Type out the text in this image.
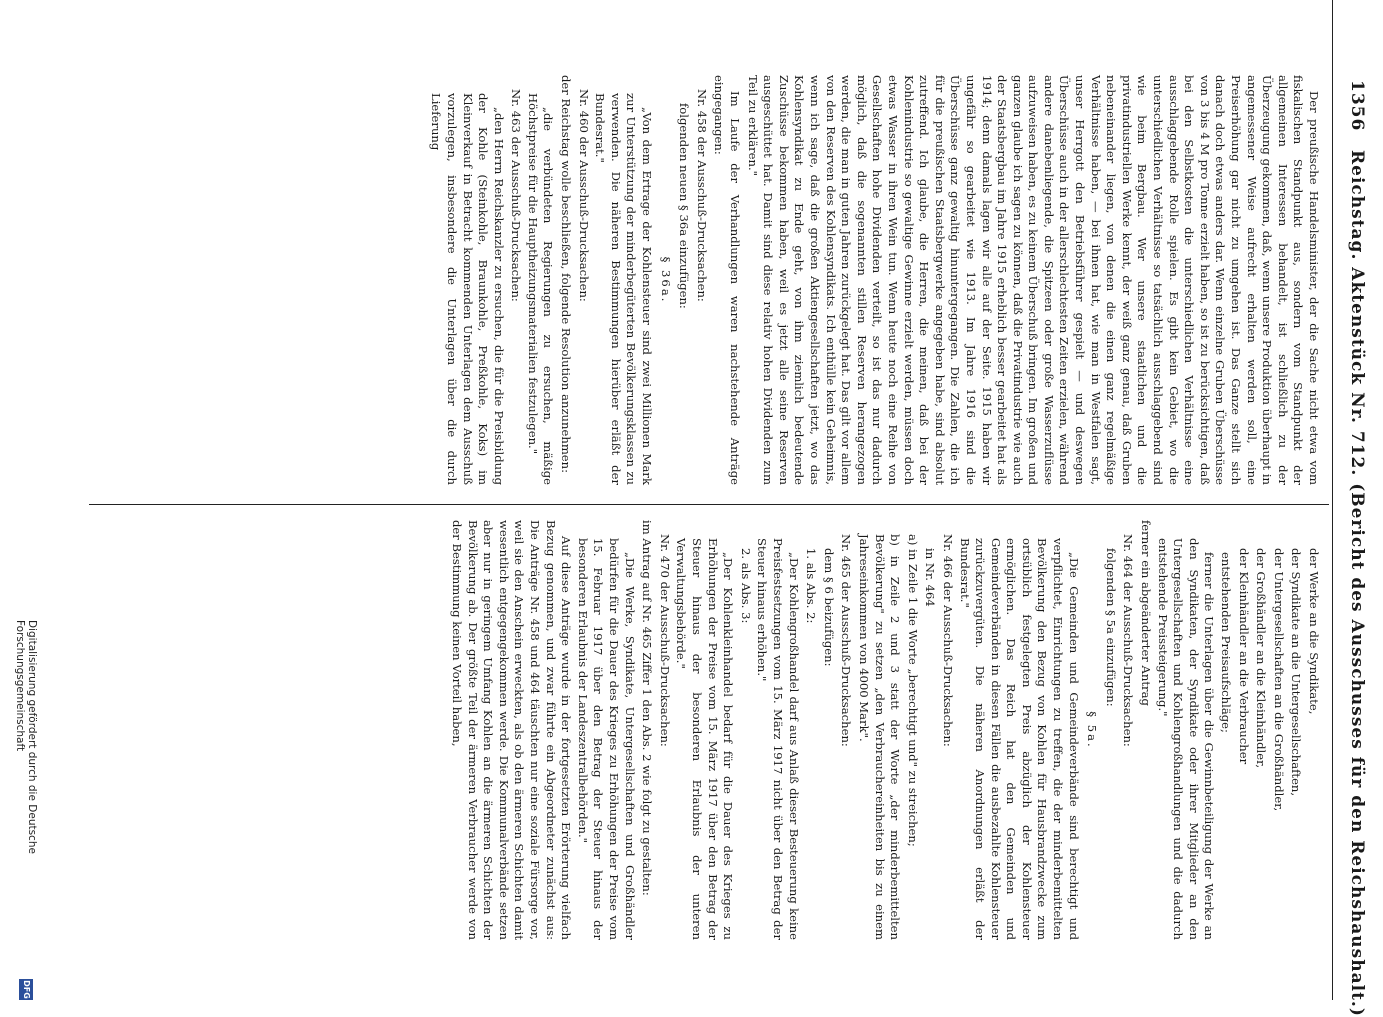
1356
Reichstag. Aktenstück Nr. 712. (Bericht des Ausschusses für den Reichshaushalt.)

Der preußische Handelsminister, der die Sache nicht etwa vom fiskalischen Standpunkt aus, sondern vom Standpunkt der allgemeinen Interessen behandelt, ist schließlich zu der Überzeugung gekommen, daß, wenn unsere Produktion überhaupt in angemessener Weise aufrecht erhalten werden soll, eine Preiserhöhung gar nicht zu umgehen ist. Das Ganze stellt sich danach doch etwas anders dar. Wenn einzelne Gruben Überschüsse von 3 bis 4 M pro Tonne erzielt haben, so ist zu berücksichtigen, daß bei den Selbstkosten die unterschiedlichen Verhältnisse eine ausschlaggebende Rolle spielen. Es gibt kein Gebiet, wo die unterschiedlichen Verhältnisse so tatsächlich ausschlaggebend sind wie beim Bergbau. Wer unsere staatlichen und die privatindustriellen Werke kennt, der weiß ganz genau, daß Gruben nebeneinander liegen, von denen die einen ganz regelmäßige Verhältnisse haben, — bei ihnen hat, wie man in Westfalen sagt, unser Herrgott den Betriebsführer gespielt — und deswegen Überschüsse auch in der allerschlechtesten Zeiten erzielen, während andere danebenliegende, die Spitzeen oder große Wasserzuflüsse aufzuweisen haben, es zu keinem Überschuß bringen. Im großen und ganzen glaube ich sagen zu können, daß die Privatindustrie wie auch der Staatsbergbau im Jahre 1915 erheblich besser gearbeitet hat als 1914; denn damals lagen wir alle auf der Seite. 1915 haben wir ungefähr so gearbeitet wie 1913. Im Jahre 1916 sind die Überschüsse ganz gewaltig hinuntergegangen. Die Zahlen, die ich für die preußischen Staatsbergwerke angegeben habe, sind absolut zutreffend. Ich glaube, die Herren, die meinen, daß bei der Kohlenindustrie so gewaltige Gewinne erzielt werden, müssen doch etwas Wasser in ihren Wein tun. Wenn heute noch eine Reihe von Gesellschaften hohe Dividenden verteilt, so ist das nur dadurch möglich, daß die sogenannten stillen Reserven herangezogen werden, die man in guten Jahren zurückgelegt hat. Das gilt vor allem von den Reserven des Kohlensyndikats. Ich enthülle kein Geheimnis, wenn ich sage, daß die großen Aktiengesellschaften jetzt, wo das Kohlensyndikat zu Ende geht, von ihm ziemlich bedeutende Zuschüsse bekommen haben, weil es jetzt alle seine Reserven ausgeschüttet hat. Damit sind diese relativ hohen Dividenden zum Teil zu erklären."

Im Laufe der Verhandlungen waren nachstehende Anträge eingegangen:

Nr. 458 der Ausschuß-Drucksachen:

folgenden neuen § 36a einzufügen:

§ 36a.

„Von dem Ertrage der Kohlensteuer sind zwei Millionen Mark zur Unterstützung der minderbegüterten Bevölkerungsklassen zu verwenden. Die näheren Bestimmungen hierüber erläßt der Bundesrat."

Nr. 460 der Ausschuß-Drucksachen:

der Reichstag wolle beschließen, folgende Resolution anzunehmen:

„die verbündeten Regierungen zu ersuchen, mäßige Höchstpreise für die Hauptheizungsmaterialien festzulegen."

Nr. 463 der Ausschuß-Drucksachen:

„den Herrn Reichskanzler zu ersuchen, die für die Preisbildung der Kohle (Steinkohle, Braunkohle, Preßkohle, Koks) im Kleinverkauf in Betracht kommenden Unterlagen dem Ausschuß vorzulegen, insbesondere die Unterlagen über die durch Lieferung

der Werke an die Syndikate,

der Syndikate an die Untergesellschaften,

der Untergesellschaften an die Großhändler,

der Großhändler an die Kleinhändler,

der Kleinhändler an die Verbraucher

entstehenden Preisaufschläge;

ferner die Unterlagen über die Gewinnbeteiligung der Werke an den Syndikaten, der Syndikate oder ihrer Mitglieder an den Untergesellschaften und Kohlengroßhandlungen und die dadurch entstehende Preissteigerung."

ferner ein abgeänderter Antrag

Nr. 464 der Ausschuß-Drucksachen:

folgenden § 5a einzufügen:

§ 5a.

„Die Gemeinden und Gemeindeverbände sind berechtigt und verpflichtet, Einrichtungen zu treffen, die der minderbemittelten Bevölkerung den Bezug von Kohlen für Hausbrandzwecke zum ortsüblich festgelegten Preis abzüglich der Kohlensteuer ermöglichen. Das Reich hat den Gemeinden und Gemeindeverbänden in diesen Fällen die ausbezahlte Kohlensteuer zurückzuvergüten. Die näheren Anordnungen erläßt der Bundesrat."

Nr. 466 der Ausschuß-Drucksachen:

in Nr. 464

a) in Zeile 1 die Worte „berechtigt und" zu streichen;

b) in Zeile 2 und 3 statt der Worte „der minderbemittelten Bevölkerung" zu setzen „den Verbrauchereinheiten bis zu einem Jahreseinkommen von 4000 Mark".

Nr. 465 der Ausschuß-Drucksachen:

dem § 6 beizufügen:

1. als Abs. 2:

„Der Kohlengroßhandel darf aus Anlaß dieser Besteuerung keine Preisfestsetzungen vom 15. März 1917 nicht über den Betrag der Steuer hinaus erhöhen."

2. als Abs. 3:

„Der Kohlenkleinhandel bedarf für die Dauer des Krieges zu Erhöhungen der Preise vom 15. März 1917 über den Betrag der Steuer hinaus der besonderen Erlaubnis der unteren Verwaltungsbehörde."

Nr. 470 der Ausschuß-Drucksachen:

im Antrag auf Nr. 465 Ziffer 1 den Abs. 2 wie folgt zu gestalten:

„Die Werke, Syndikate, Untergesellschaften und Großhändler bedürfen für die Dauer des Krieges zu Erhöhungen der Preise vom 15. Februar 1917 über den Betrag der Steuer hinaus der besonderen Erlaubnis der Landeszentralbehörden."

Auf diese Anträge wurde in der fortgesetzten Erörterung vielfach Bezug genommen, und zwar führte ein Abgeordneter zunächst aus: Die Anträge Nr. 458 und 464 täuschten nur eine soziale Fürsorge vor, weil sie den Anschein erweckten, als ob den ärmeren Schichten damit wesentlich entgegengekommen werde. Die Kommunalverbände setzen aber nur in geringem Umfang Kohlen an die ärmeren Schichten der Bevölkerung ab. Der größte Teil der ärmeren Verbraucher werde von der Bestimmung keinen Vorteil haben,

Digitalisierung gefördert durch die Deutsche Forschungsgemeinschaft
DFG
